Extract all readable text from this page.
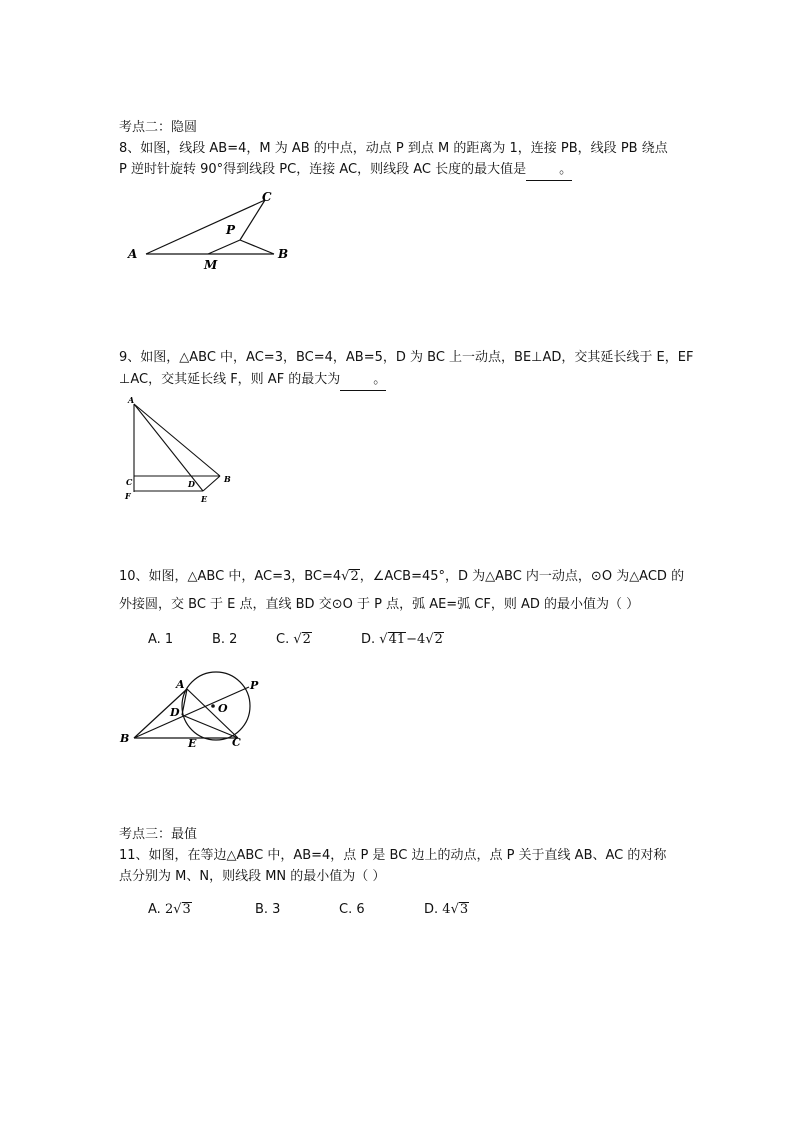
考点二：隐圆
8、如图，线段 AB=4，M 为 AB 的中点，动点 P 到点 M 的距离为 1，连接 PB，线段 PB 绕点
P 逆时针旋转 90°得到线段 PC，连接 AC，则线段 AC 长度的最大值是	。
A	B
C
P
M
9、如图，△ABC 中，AC=3，BC=4，AB=5，D 为 BC 上一动点，BE⊥AD，交其延长线于 E，EF
⊥AC，交其延长线 F，则 AF 的最大为	。
A
B
C	D
E
F
10、如图，△ABC 中，AC=3，BC=4√2，∠ACB=45°，D 为△ABC 内一动点，⊙O 为△ACD 的
外接圆，交 BC 于 E 点，直线 BD 交⊙O 于 P 点，弧 AE=弧 CF，则 AD 的最小值为（ ）
A. 1	B. 2	C. √2	D. √41−4√2
B
A
C
D
E
O
P
考点三：最值
11、如图，在等边△ABC 中，AB=4，点 P 是 BC 边上的动点，点 P 关于直线 AB、AC 的对称
点分别为 M、N，则线段 MN 的最小值为（ ）
A. 2√3	B. 3	C. 6	D. 4√3
